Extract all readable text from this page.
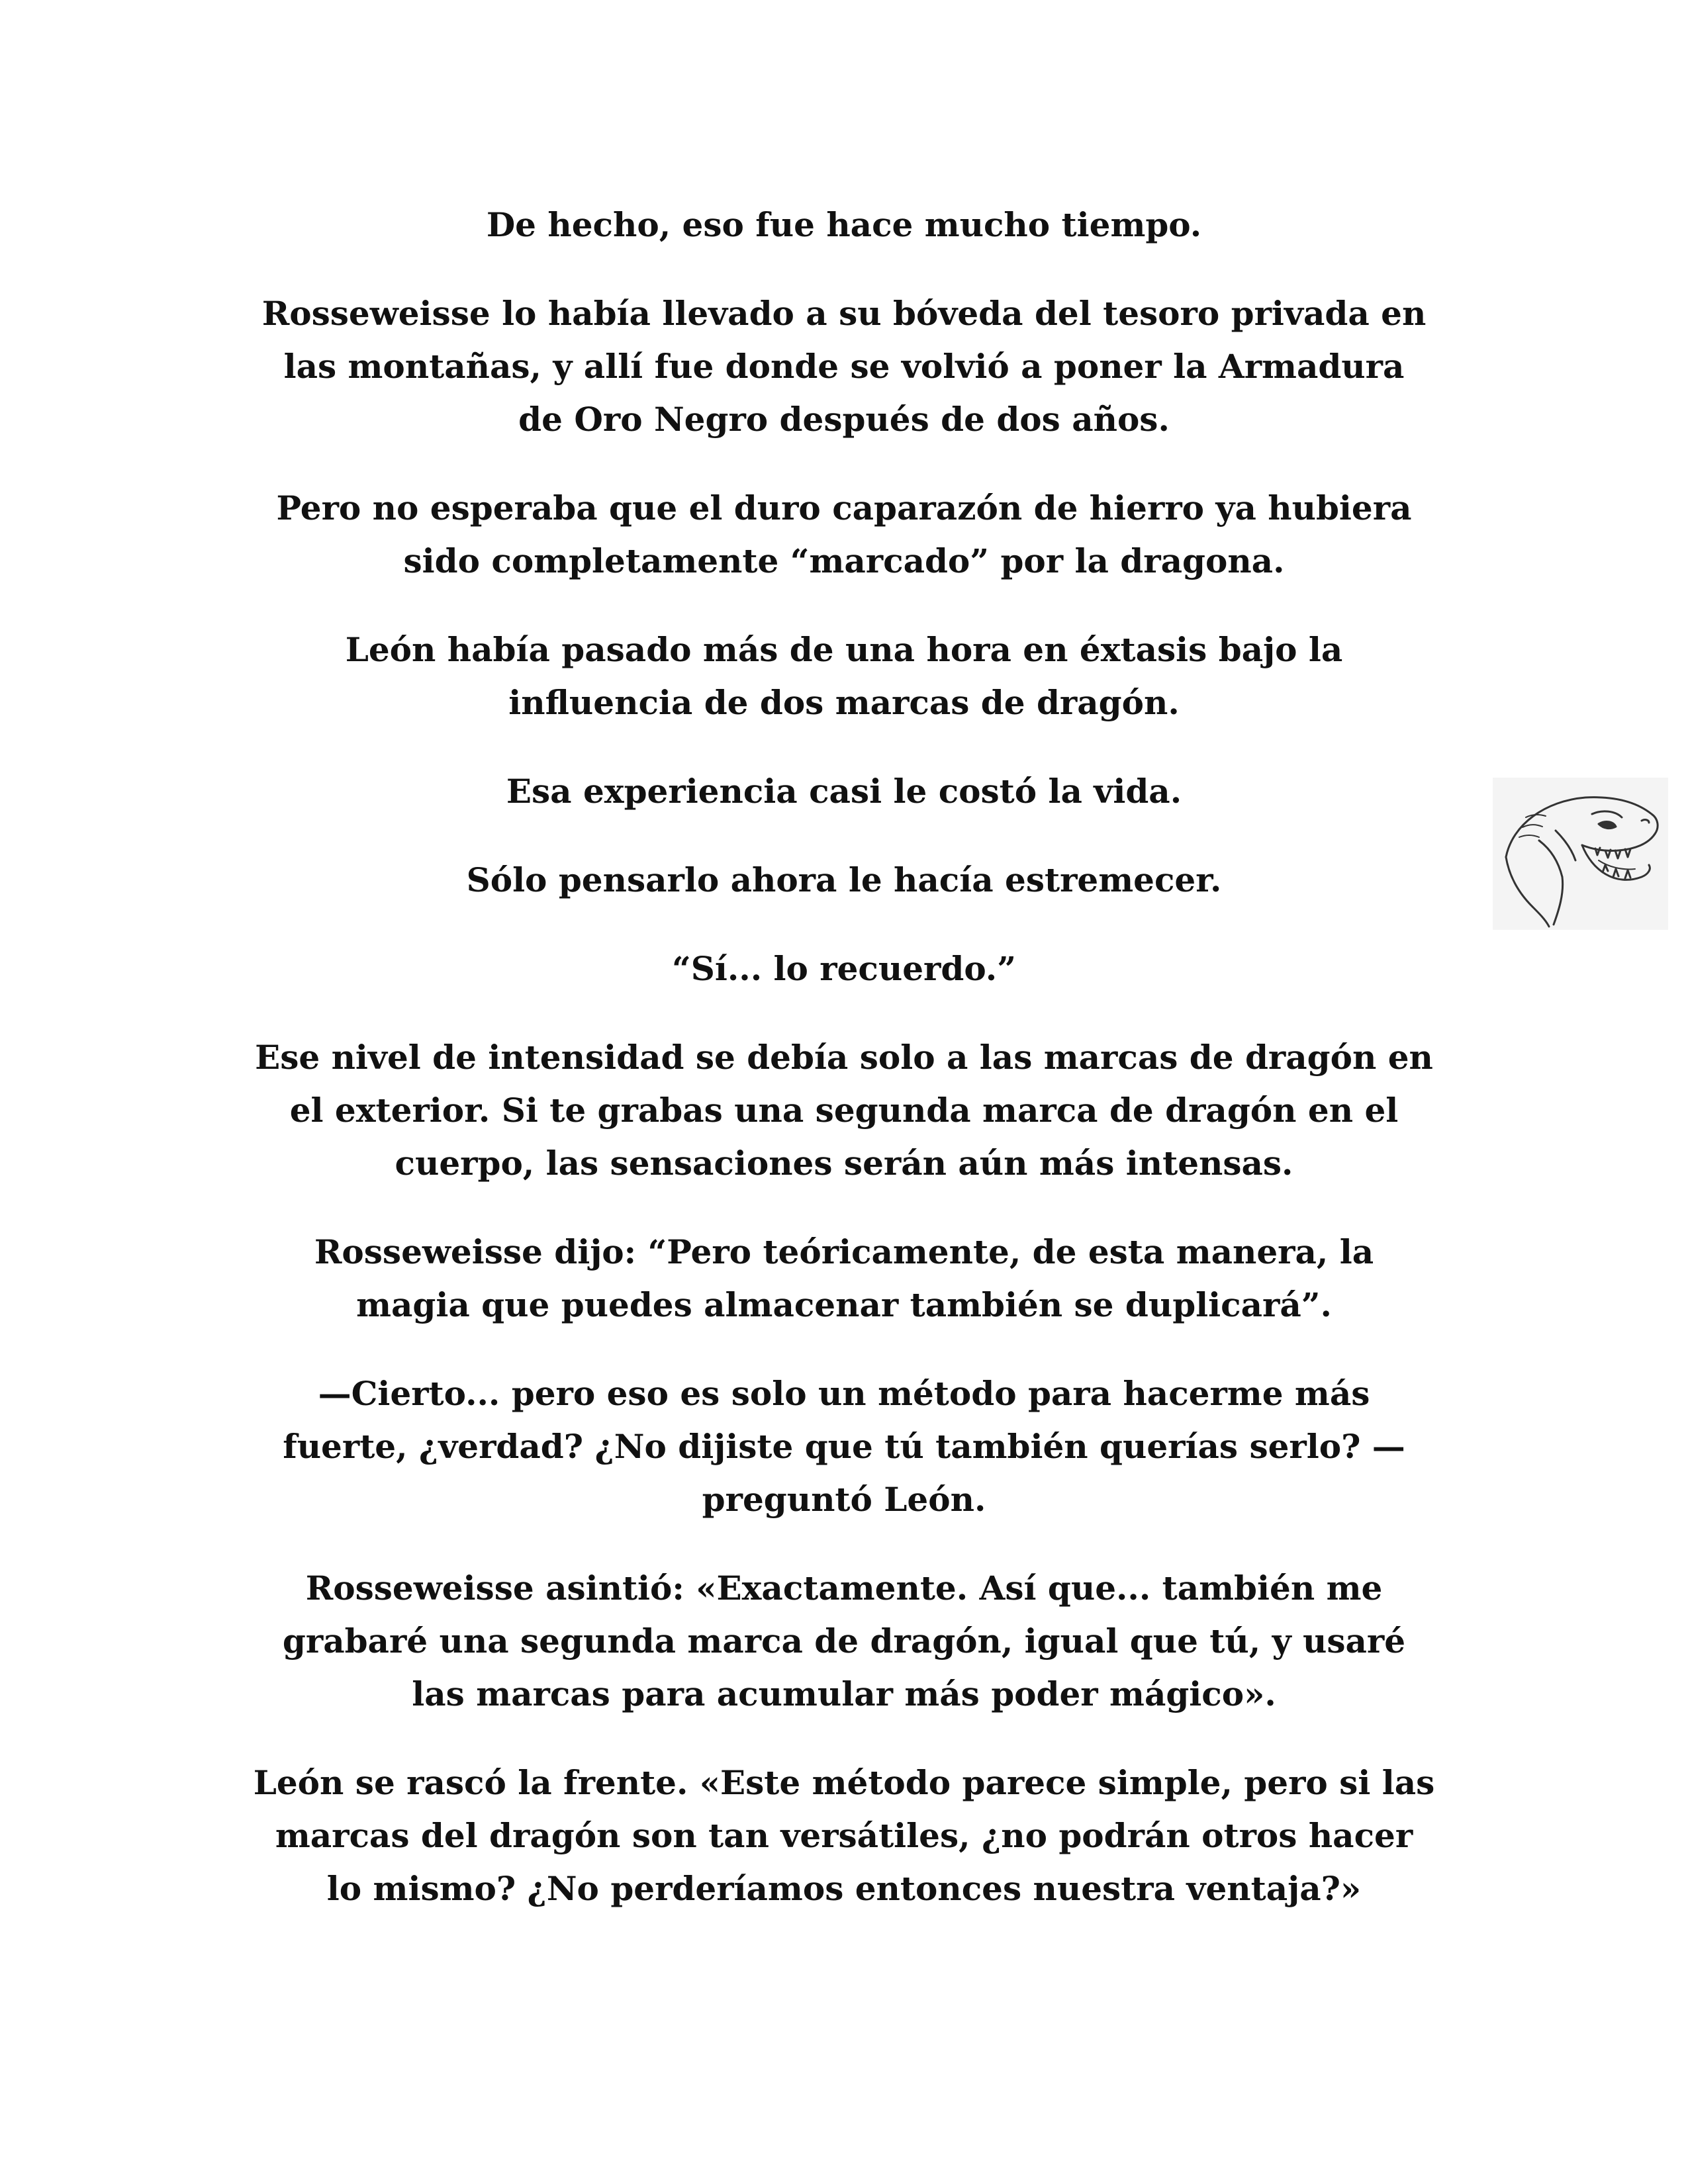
De hecho, eso fue hace mucho tiempo.

Rosseweisse lo había llevado a su bóveda del tesoro privada en
las montañas, y allí fue donde se volvió a poner la Armadura
de Oro Negro después de dos años.

Pero no esperaba que el duro caparazón de hierro ya hubiera
sido completamente “marcado” por la dragona.

León había pasado más de una hora en éxtasis bajo la
influencia de dos marcas de dragón.

Esa experiencia casi le costó la vida.

Sólo pensarlo ahora le hacía estremecer.

“Sí... lo recuerdo.”

Ese nivel de intensidad se debía solo a las marcas de dragón en
el exterior. Si te grabas una segunda marca de dragón en el
cuerpo, las sensaciones serán aún más intensas.

Rosseweisse dijo: “Pero teóricamente, de esta manera, la
magia que puedes almacenar también se duplicará”.

—Cierto... pero eso es solo un método para hacerme más
fuerte, ¿verdad? ¿No dijiste que tú también querías serlo? —
preguntó León.

Rosseweisse asintió: «Exactamente. Así que... también me
grabaré una segunda marca de dragón, igual que tú, y usaré
las marcas para acumular más poder mágico».

León se rascó la frente. «Este método parece simple, pero si las
marcas del dragón son tan versátiles, ¿no podrán otros hacer
lo mismo? ¿No perderíamos entonces nuestra ventaja?»
